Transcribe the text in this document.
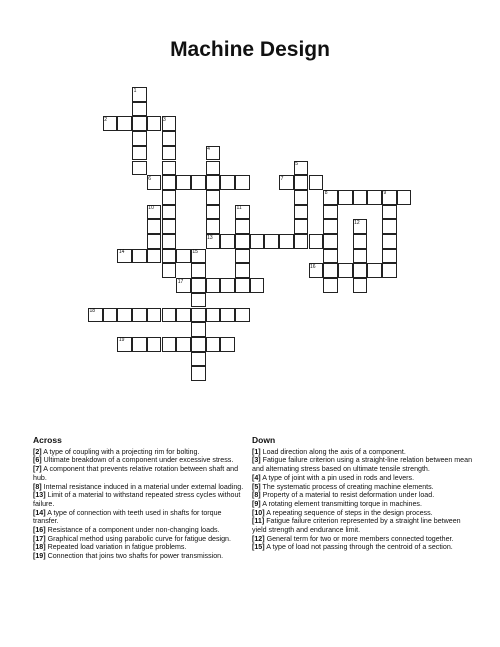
Machine Design
1
2	3
4
5
6	7
8	9
10	11
12
13
14	15
16
17
18
19
Across

[2] A type of coupling with a projecting rim for bolting.

[6] Ultimate breakdown of a component under excessive stress.

[7] A component that prevents relative rotation between shaft and hub.

[8] Internal resistance induced in a material under external loading.

[13] Limit of a material to withstand repeated stress cycles without failure.

[14] A type of connection with teeth used in shafts for torque transfer.

[16] Resistance of a component under non-changing loads.

[17] Graphical method using parabolic curve for fatigue design.

[18] Repeated load variation in fatigue problems.

[19] Connection that joins two shafts for power transmission.

Down

[1] Load direction along the axis of a component.

[3] Fatigue failure criterion using a straight-line relation between mean and alternating stress based on ultimate tensile strength.

[4] A type of joint with a pin used in rods and levers.

[5] The systematic process of creating machine elements.

[8] Property of a material to resist deformation under load.

[9] A rotating element transmitting torque in machines.

[10] A repeating sequence of steps in the design process.

[11] Fatigue failure criterion represented by a straight line between yield strength and endurance limit.

[12] General term for two or more members connected together.

[15] A type of load not passing through the centroid of a section.
